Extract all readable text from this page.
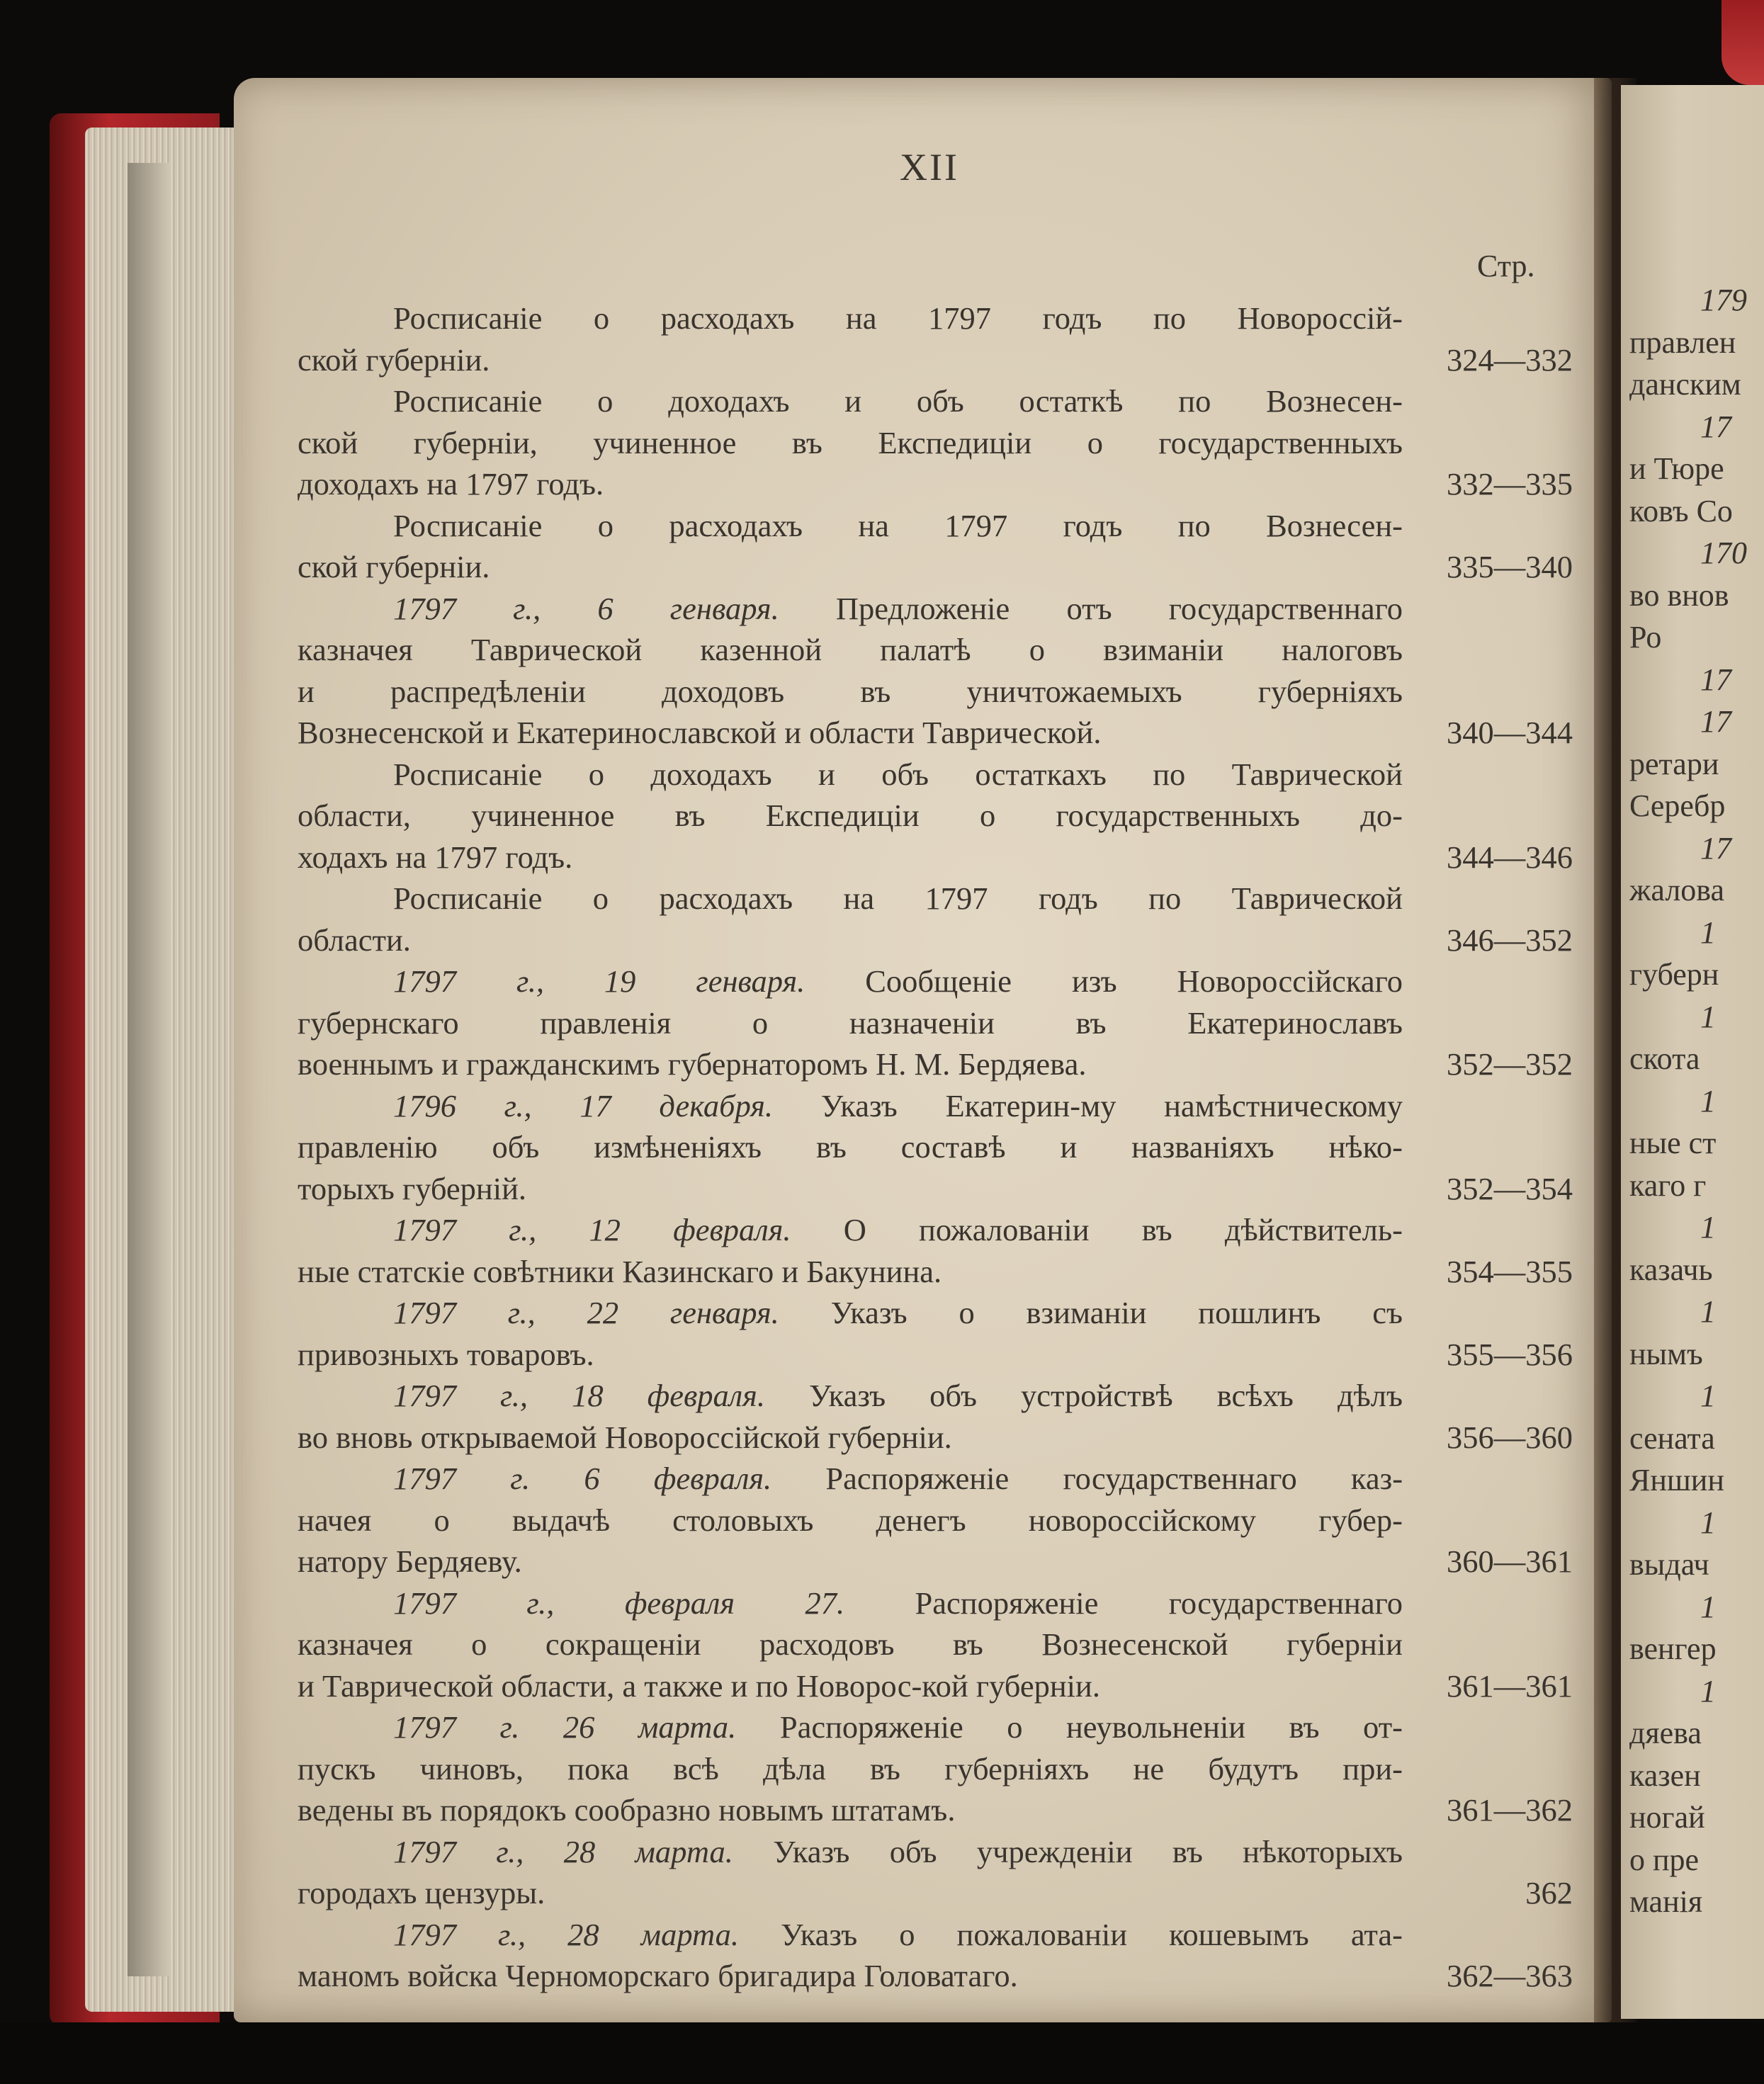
XII
Стр.
Росписанiе о расходахъ на 1797 годъ по Новороссiй-
ской губернiи.	324—332
Росписанiе о доходахъ и объ остаткѣ по Вознесен-
ской губернiи, учиненное въ Експедицiи о государственныхъ
доходахъ на 1797 годъ.	332—335
Росписанiе о расходахъ на 1797 годъ по Вознесен-
ской губернiи.	335—340
1797 г., 6 генваря. Предложенiе отъ государственнаго
казначея Таврической казенной палатѣ о взиманiи налоговъ
и распредѣленiи доходовъ въ уничтожаемыхъ губернiяхъ
Вознесенской и Екатеринославской и области Таврической.	340—344
Росписанiе о доходахъ и объ остаткахъ по Таврической
области, учиненное въ Експедицiи о государственныхъ до-
ходахъ на 1797 годъ.	344—346
Росписанiе о расходахъ на 1797 годъ по Таврической
области.	346—352
1797 г., 19 генваря. Сообщенiе изъ Новороссiйскаго
губернскаго правленiя о назначенiи въ Екатеринославъ
военнымъ и гражданскимъ губернаторомъ Н. М. Бердяева.	352—352
1796 г., 17 декабря. Указъ Екатерин-му намѣстническому
правленiю объ измѣненiяхъ въ составѣ и названiяхъ нѣко-
торыхъ губернiй.	352—354
1797 г., 12 февраля. О пожалованiи въ дѣйствитель-
ные статскiе совѣтники Казинскаго и Бакунина.	354—355
1797 г., 22 генваря. Указъ о взиманiи пошлинъ съ
привозныхъ товаровъ.	355—356
1797 г., 18 февраля. Указъ объ устройствѣ всѣхъ дѣлъ
во вновь открываемой Новороссiйской губернiи.	356—360
1797 г. 6 февраля. Распоряженiе государственнаго каз-
начея о выдачѣ столовыхъ денегъ новороссiйскому губер-
натору Бердяеву.	360—361
1797 г., февраля 27. Распоряженiе государственнаго
казначея о сокращенiи расходовъ въ Вознесенской губернiи
и Таврической области, а также и по Новорос-кой губернiи.	361—361
1797 г. 26 марта. Распоряженiе о неувольненiи въ от-
пускъ чиновъ, пока всѣ дѣла въ губернiяхъ не будутъ при-
ведены въ порядокъ сообразно новымъ штатамъ.	361—362
1797 г., 28 марта. Указъ объ учрежденiи въ нѣкоторыхъ
городахъ цензуры.	362
1797 г., 28 марта. Указъ о пожалованiи кошевымъ ата-
маномъ войска Черноморскаго бригадира Головатаго.	362—363
179
правлен
данским
17
и Тюре
ковъ Со
170
во внов
Ро
17
17
ретари
Серебр
17
жалова
1
губерн
1
скота
1
ные ст
каго г
1
казачь
1
нымъ
1
сената
Яншин
1
выдач
1
венгер
1
дяева
казен
ногай
о пре
манiя
